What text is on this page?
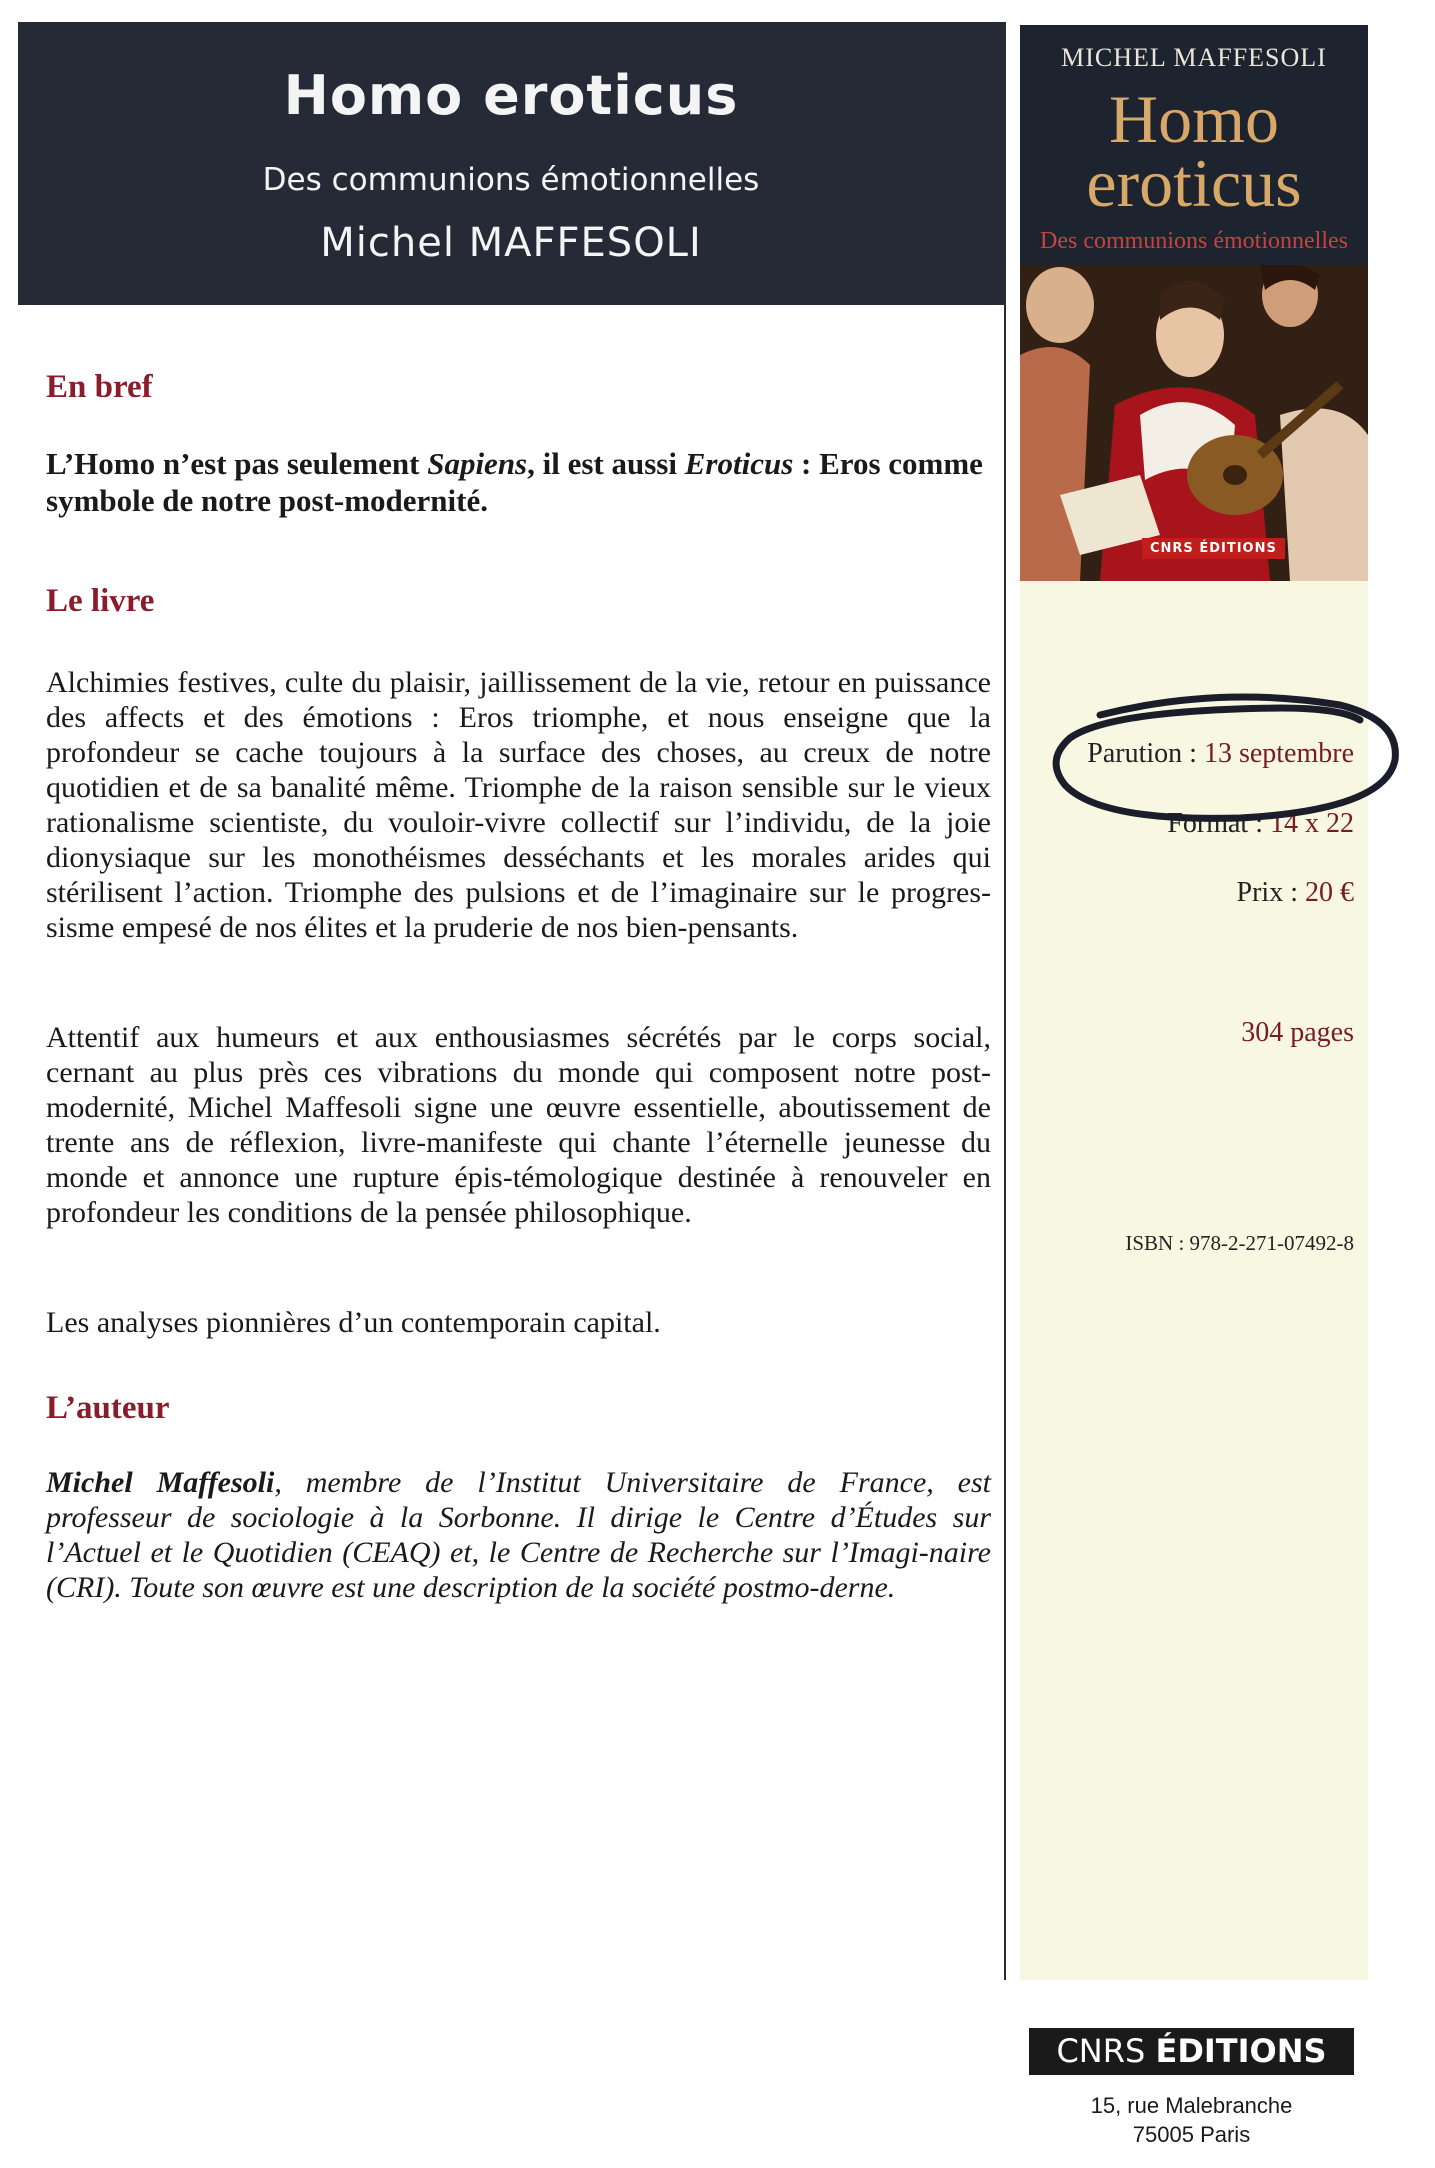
Homo eroticus
Des communions émotionnelles
Michel MAFFESOLI
En bref
L’Homo n’est pas seulement Sapiens, il est aussi Eroticus : Eros comme symbole de notre post-modernité.
Le livre
Alchimies festives, culte du plaisir, jaillissement de la vie, retour en puissance des affects et des émotions : Eros triomphe, et nous enseigne que la profondeur se cache toujours à la surface des choses, au creux de notre quotidien et de sa banalité même. Triomphe de la raison sensible sur le vieux rationalisme scientiste, du vouloir-vivre collectif sur l’individu, de la joie dionysiaque sur les monothéismes desséchants et les morales arides qui stérilisent l’action. Triomphe des pulsions et de l’imaginaire sur le progres-sisme empesé de nos élites et la pruderie de nos bien-pensants.
Attentif aux humeurs et aux enthousiasmes sécrétés par le corps social, cernant au plus près ces vibrations du monde qui composent notre post-modernité, Michel Maffesoli signe une œuvre essentielle, aboutissement de trente ans de réflexion, livre-manifeste qui chante l’éternelle jeunesse du monde et annonce une rupture épis-témologique destinée à renouveler en profondeur les conditions de la pensée philosophique.
Les analyses pionnières d’un contemporain capital.
L’auteur
Michel Maffesoli, membre de l’Institut Universitaire de France, est professeur de sociologie à la Sorbonne. Il dirige le Centre d’Études sur l’Actuel et le Quotidien (CEAQ) et, le Centre de Recherche sur l’Imagi-naire (CRI). Toute son œuvre est une description de la société postmo-derne.
MICHEL MAFFESOLI
Homo
eroticus
Des communions émotionnelles
CNRS ÉDITIONS
Parution : 13 septembre
Format : 14 x 22
Prix : 20 €
304 pages
ISBN : 978-2-271-07492-8
CNRS ÉDITIONS
15, rue Malebranche
75005 Paris
